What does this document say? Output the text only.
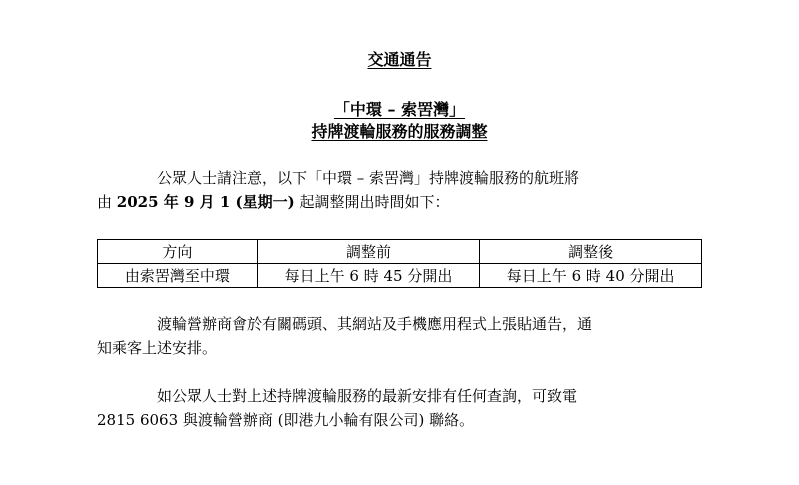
交通通告
「中環 – 索罟灣」
持牌渡輪服務的服務調整
公眾人士請注意，以下「中環 – 索罟灣」持牌渡輪服務的航班將
由 2025 年 9 月 1 (星期一) 起調整開出時間如下：
方向	調整前	調整後
由索罟灣至中環	每日上午 6 時 45 分開出	每日上午 6 時 40 分開出
渡輪營辦商會於有關碼頭、其網站及手機應用程式上張貼通告，通
知乘客上述安排。
如公眾人士對上述持牌渡輪服務的最新安排有任何查詢，可致電
2815 6063 與渡輪營辦商 (即港九小輪有限公司) 聯絡。
